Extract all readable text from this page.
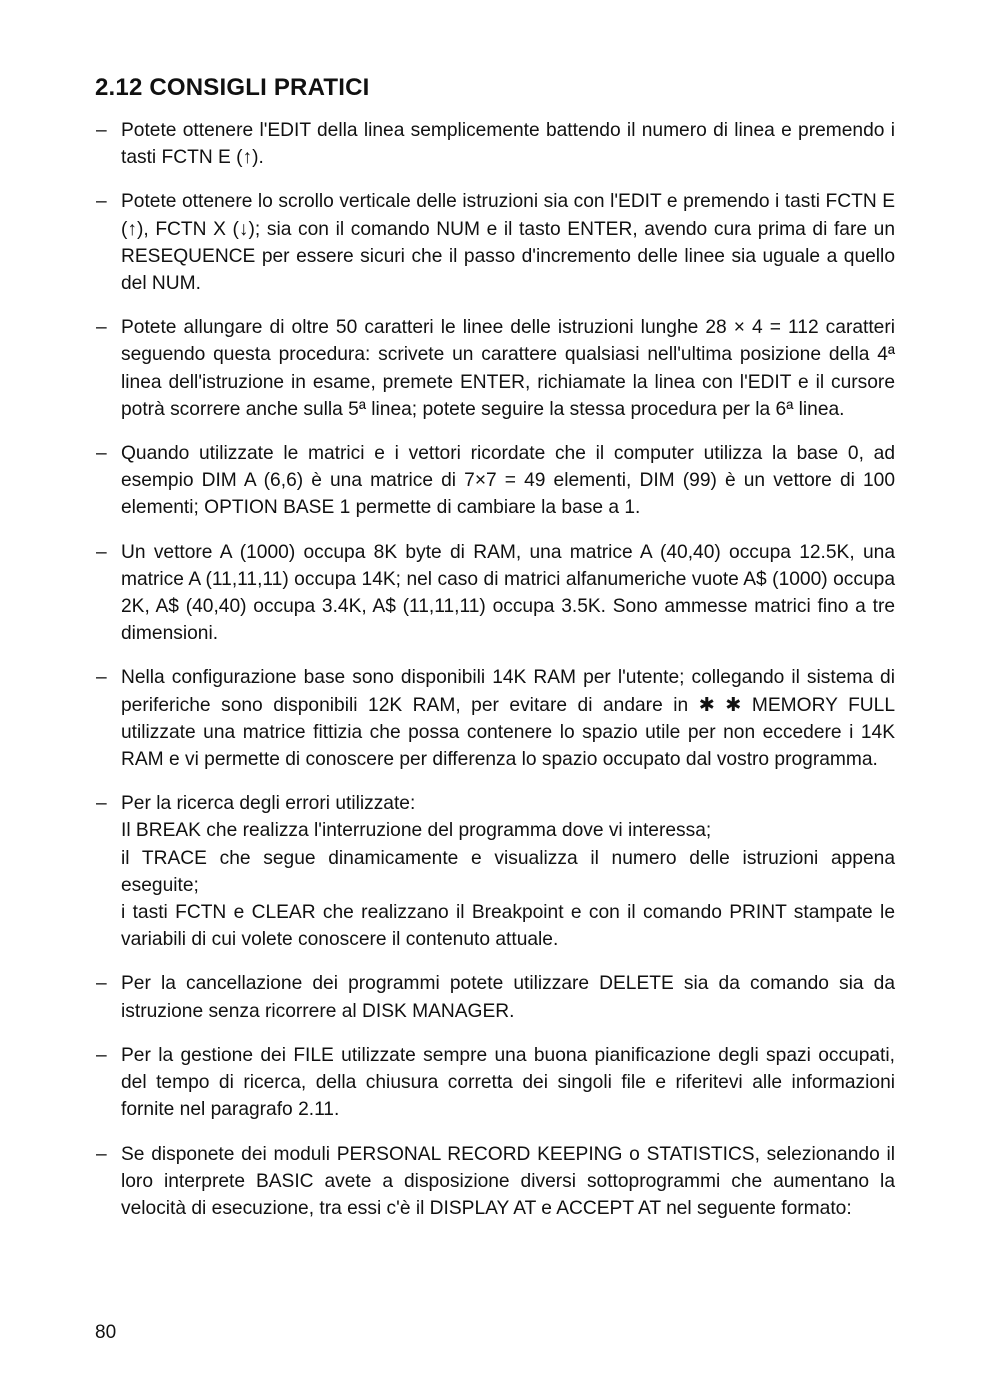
2.12 CONSIGLI PRATICI
– Potete ottenere l'EDIT della linea semplicemente battendo il numero di linea e premendo i tasti FCTN E (↑).

– Potete ottenere lo scrollo verticale delle istruzioni sia con l'EDIT e premendo i tasti FCTN E (↑), FCTN X (↓); sia con il comando NUM e il tasto ENTER, avendo cura prima di fare un RESEQUENCE per essere sicuri che il passo d'incremento delle linee sia uguale a quello del NUM.

– Potete allungare di oltre 50 caratteri le linee delle istruzioni lunghe 28 × 4 = 112 caratteri seguendo questa procedura: scrivete un carattere qualsiasi nell'ultima posizione della 4ª linea dell'istruzione in esame, premete ENTER, richiamate la linea con l'EDIT e il cursore potrà scorrere anche sulla 5ª linea; potete seguire la stessa procedura per la 6ª linea.

– Quando utilizzate le matrici e i vettori ricordate che il computer utilizza la base 0, ad esempio DIM A (6,6) è una matrice di 7×7 = 49 elementi, DIM (99) è un vettore di 100 elementi; OPTION BASE 1 permette di cambiare la base a 1.

– Un vettore A (1000) occupa 8K byte di RAM, una matrice A (40,40) occupa 12.5K, una matrice A (11,11,11) occupa 14K; nel caso di matrici alfanumeriche vuote A$ (1000) occupa 2K, A$ (40,40) occupa 3.4K, A$ (11,11,11) occupa 3.5K. Sono ammesse matrici fino a tre dimensioni.

– Nella configurazione base sono disponibili 14K RAM per l'utente; collegando il sistema di periferiche sono disponibili 12K RAM, per evitare di andare in ✱ ✱ MEMORY FULL utilizzate una matrice fittizia che possa contenere lo spazio utile per non eccedere i 14K RAM e vi permette di conoscere per differenza lo spazio occupato dal vostro programma.

– Per la ricerca degli errori utilizzate:

Il BREAK che realizza l'interruzione del programma dove vi interessa;

il TRACE che segue dinamicamente e visualizza il numero delle istruzioni appena eseguite;

i tasti FCTN e CLEAR che realizzano il Breakpoint e con il comando PRINT stampate le variabili di cui volete conoscere il contenuto attuale.

– Per la cancellazione dei programmi potete utilizzare DELETE sia da comando sia da istruzione senza ricorrere al DISK MANAGER.

– Per la gestione dei FILE utilizzate sempre una buona pianificazione degli spazi occupati, del tempo di ricerca, della chiusura corretta dei singoli file e riferitevi alle informazioni fornite nel paragrafo 2.11.

– Se disponete dei moduli PERSONAL RECORD KEEPING o STATISTICS, selezionando il loro interprete BASIC avete a disposizione diversi sottoprogrammi che aumentano la velocità di esecuzione, tra essi c'è il DISPLAY AT e ACCEPT AT nel seguente formato:

80
